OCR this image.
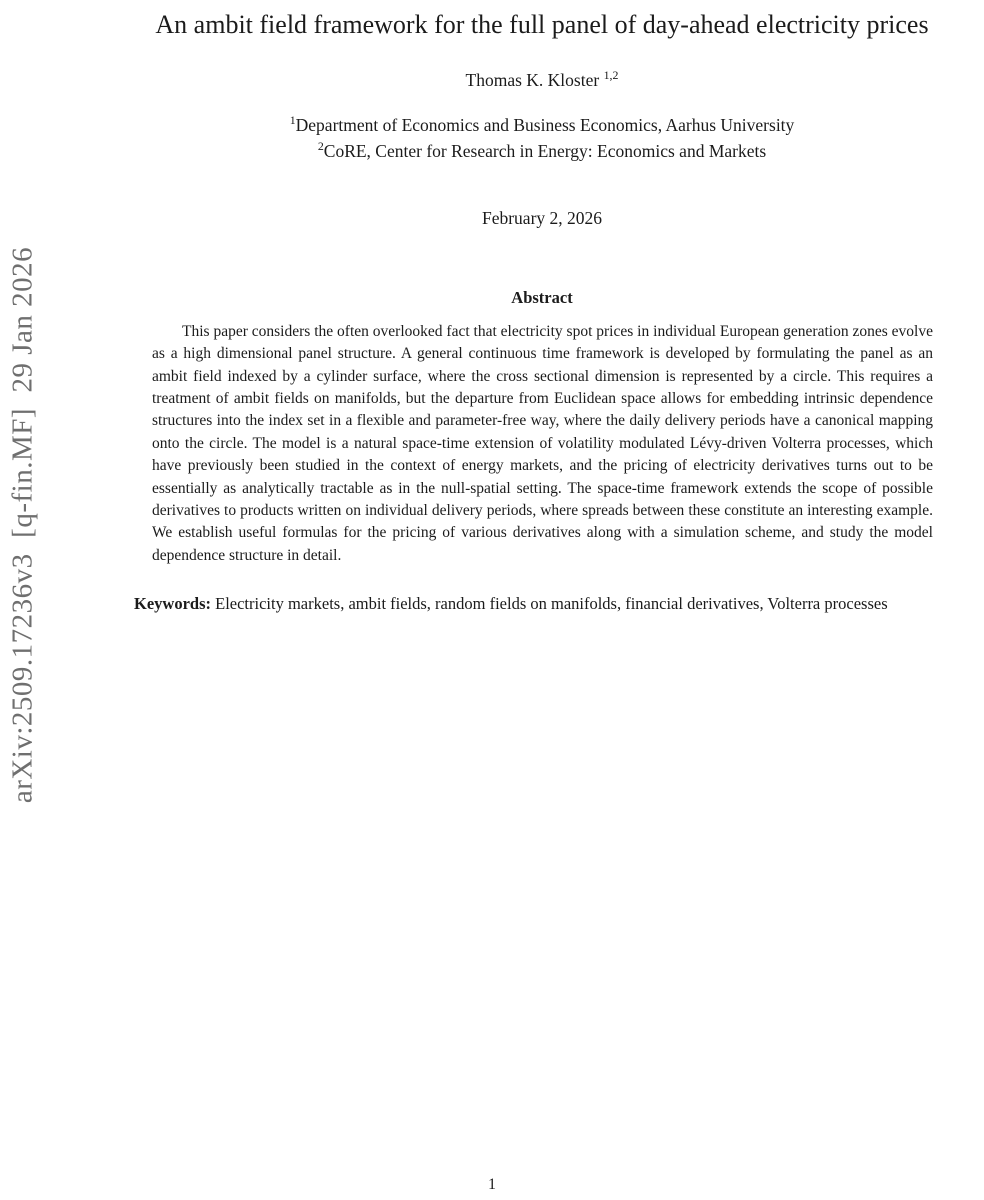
arXiv:2509.17236v3  [q-fin.MF]  29 Jan 2026
An ambit field framework for the full panel of day-ahead electricity prices
Thomas K. Kloster $^{1,2}$
$^1$Department of Economics and Business Economics, Aarhus University
$^2$CoRE, Center for Research in Energy: Economics and Markets
February 2, 2026
Abstract

This paper considers the often overlooked fact that electricity spot prices in individual European generation zones evolve as a high dimensional panel structure. A general continuous time framework is developed by formulating the panel as an ambit field indexed by a cylinder surface, where the cross sectional dimension is represented by a circle. This requires a treatment of ambit fields on manifolds, but the departure from Euclidean space allows for embedding intrinsic dependence structures into the index set in a flexible and parameter-free way, where the daily delivery periods have a canonical mapping onto the circle. The model is a natural space-time extension of volatility modulated Lévy-driven Volterra processes, which have previously been studied in the context of energy markets, and the pricing of electricity derivatives turns out to be essentially as analytically tractable as in the null-spatial setting. The space-time framework extends the scope of possible derivatives to products written on individual delivery periods, where spreads between these constitute an interesting example. We establish useful formulas for the pricing of various derivatives along with a simulation scheme, and study the model dependence structure in detail.

Keywords: Electricity markets, ambit fields, random fields on manifolds, financial derivatives, Volterra processes

1
